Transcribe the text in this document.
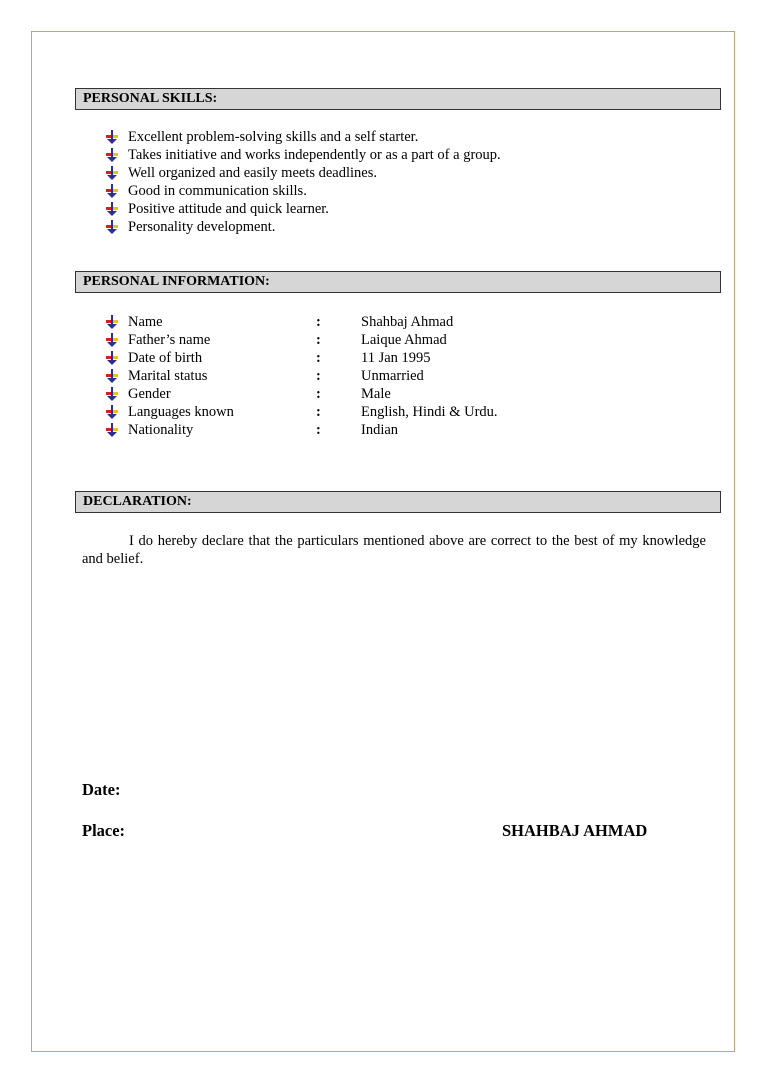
PERSONAL SKILLS:
Excellent problem-solving skills and a self starter.
Takes initiative and works independently or as a part of a group.
Well organized and easily meets deadlines.
Good in communication skills.
Positive attitude and quick learner.
Personality development.
PERSONAL INFORMATION:
Name	:	Shahbaj Ahmad
Father’s name	:	Laique Ahmad
Date of birth	:	11 Jan 1995
Marital status	:	Unmarried
Gender	:	Male
Languages known	:	English, Hindi & Urdu.
Nationality	:	Indian
DECLARATION:

I do hereby declare that the particulars mentioned above are correct to the best of my knowledge and belief.

Date:
Place:	SHAHBAJ AHMAD
